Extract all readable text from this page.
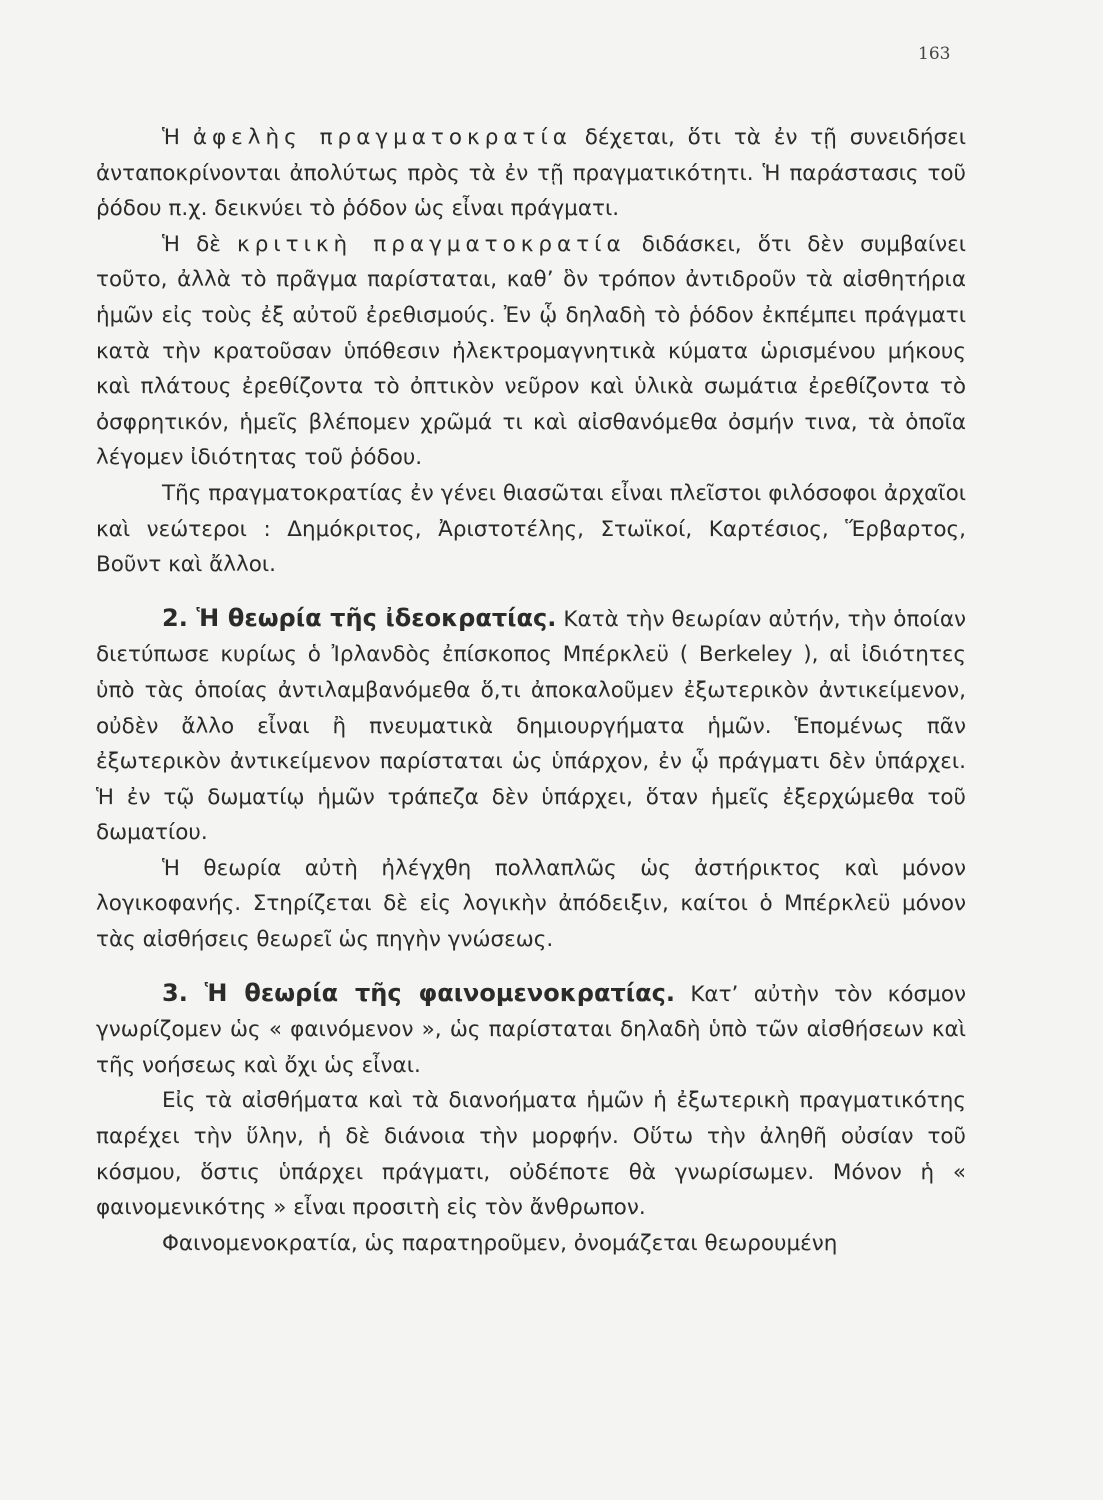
163

Ἡ ἀφελὴς πραγματοκρατία δέχεται, ὅτι τὰ ἐν τῇ συνειδήσει ἀνταποκρίνονται ἀπολύτως πρὸς τὰ ἐν τῇ πραγματικότητι. Ἡ παράστασις τοῦ ῥόδου π.χ. δεικνύει τὸ ῥόδον ὡς εἶναι πράγματι.

Ἡ δὲ κριτικὴ πραγματοκρατία διδάσκει, ὅτι δὲν συμβαίνει τοῦτο, ἀλλὰ τὸ πρᾶγμα παρίσταται, καθ’ ὃν τρόπον ἀντιδροῦν τὰ αἰσθητήρια ἡμῶν εἰς τοὺς ἐξ αὐτοῦ ἐρεθισμούς. Ἐν ᾧ δηλαδὴ τὸ ῥόδον ἐκπέμπει πράγματι κατὰ τὴν κρατοῦσαν ὑπόθεσιν ἠλεκτρομαγνητικὰ κύματα ὡρισμένου μήκους καὶ πλάτους ἐρεθίζοντα τὸ ὀπτικὸν νεῦρον καὶ ὑλικὰ σωμάτια ἐρεθίζοντα τὸ ὀσφρητικόν, ἡμεῖς βλέπομεν χρῶμά τι καὶ αἰσθανόμεθα ὀσμήν τινα, τὰ ὁποῖα λέγομεν ἰδιότητας τοῦ ῥόδου.

Τῆς πραγματοκρατίας ἐν γένει θιασῶται εἶναι πλεῖστοι φιλόσοφοι ἀρχαῖοι καὶ νεώτεροι : Δημόκριτος, Ἀριστοτέλης, Στωϊκοί, Καρτέσιος, Ἕρβαρτος, Βοῦντ καὶ ἄλλοι.

2. Ἡ θεωρία τῆς ἰδεοκρατίας. Κατὰ τὴν θεωρίαν αὐτήν, τὴν ὁποίαν διετύπωσε κυρίως ὁ Ἰρλανδὸς ἐπίσκοπος Μπέρκλεϋ ( Berkeley ), αἱ ἰδιότητες ὑπὸ τὰς ὁποίας ἀντιλαμβανόμεθα ὅ,τι ἀποκαλοῦμεν ἐξωτερικὸν ἀντικείμενον, οὐδὲν ἄλλο εἶναι ἢ πνευματικὰ δημιουργήματα ἡμῶν. Ἑπομένως πᾶν ἐξωτερικὸν ἀντικείμενον παρίσταται ὡς ὑπάρχον, ἐν ᾧ πράγματι δὲν ὑπάρχει. Ἡ ἐν τῷ δωματίῳ ἡμῶν τράπεζα δὲν ὑπάρχει, ὅταν ἡμεῖς ἐξερχώμεθα τοῦ δωματίου.

Ἡ θεωρία αὐτὴ ἠλέγχθη πολλαπλῶς ὡς ἀστήρικτος καὶ μόνον λογικοφανής. Στηρίζεται δὲ εἰς λογικὴν ἀπόδειξιν, καίτοι ὁ Μπέρκλεϋ μόνον τὰς αἰσθήσεις θεωρεῖ ὡς πηγὴν γνώσεως.

3. Ἡ θεωρία τῆς φαινομενοκρατίας. Κατ’ αὐτὴν τὸν κόσμον γνωρίζομεν ὡς « φαινόμενον », ὡς παρίσταται δηλαδὴ ὑπὸ τῶν αἰσθήσεων καὶ τῆς νοήσεως καὶ ὄχι ὡς εἶναι.

Εἰς τὰ αἰσθήματα καὶ τὰ διανοήματα ἡμῶν ἡ ἐξωτερικὴ πραγματικότης παρέχει τὴν ὕλην, ἡ δὲ διάνοια τὴν μορφήν. Οὕτω τὴν ἀληθῆ οὐσίαν τοῦ κόσμου, ὅστις ὑπάρχει πράγματι, οὐδέποτε θὰ γνωρίσωμεν. Μόνον ἡ « φαινομενικότης » εἶναι προσιτὴ εἰς τὸν ἄνθρωπον.

Φαινομενοκρατία, ὡς παρατηροῦμεν, ὀνομάζεται θεωρουμένη
